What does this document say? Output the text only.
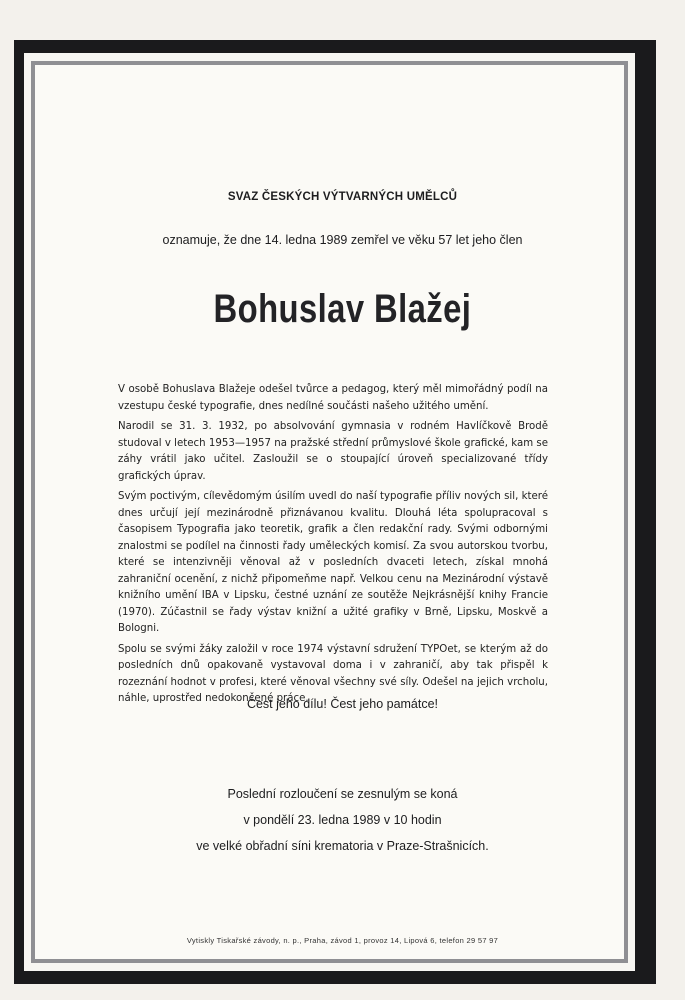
SVAZ ČESKÝCH VÝTVARNÝCH UMĚLCŮ
oznamuje, že dne 14. ledna 1989 zemřel ve věku 57 let jeho člen
Bohuslav Blažej

V osobě Bohuslava Blažeje odešel tvůrce a pedagog, který měl mimořádný podíl na vzestupu české typografie, dnes nedílné součásti našeho užitého umění.

Narodil se 31. 3. 1932, po absolvování gymnasia v rodném Havlíčkově Brodě studoval v letech 1953—1957 na pražské střední průmyslové škole grafické, kam se záhy vrátil jako učitel. Zasloužil se o stoupající úroveň specializované třídy grafických úprav.

Svým poctivým, cílevědomým úsilím uvedl do naší typografie příliv nových sil, které dnes určují její mezinárodně přiznávanou kvalitu. Dlouhá léta spolupracoval s časopisem Typografia jako teoretik, grafik a člen redakční rady. Svými odbornými znalostmi se podílel na činnosti řady uměleckých komisí. Za svou autorskou tvorbu, které se intenzivněji věnoval až v posledních dvaceti letech, získal mnohá zahraniční ocenění, z nichž připomeňme např. Velkou cenu na Mezinárodní výstavě knižního umění IBA v Lipsku, čestné uznání ze soutěže Nejkrásnější knihy Francie (1970). Zúčastnil se řady výstav knižní a užité grafiky v Brně, Lipsku, Moskvě a Bologni.

Spolu se svými žáky založil v roce 1974 výstavní sdružení TYPOet, se kterým až do posledních dnů opakovaně vystavoval doma i v zahraničí, aby tak přispěl k rozeznání hodnot v profesi, které věnoval všechny své síly. Odešel na jejich vrcholu, náhle, uprostřed nedokončené práce.

Čest jeho dílu! Čest jeho památce!
Poslední rozloučení se zesnulým se koná
v pondělí 23. ledna 1989 v 10 hodin
ve velké obřadní síni krematoria v Praze-Strašnicích.
Vytiskly Tiskařské závody, n. p., Praha, závod 1, provoz 14, Lipová 6, telefon 29 57 97
